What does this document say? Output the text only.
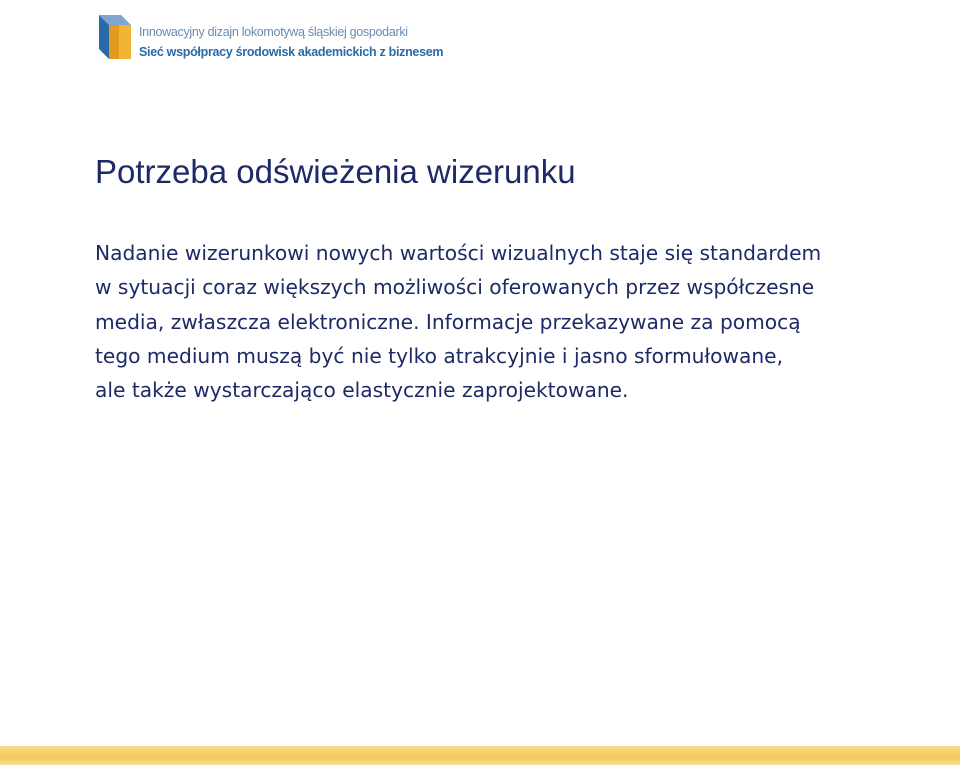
Innowacyjny dizajn lokomotywą śląskiej gospodarki
Sieć współpracy środowisk akademickich z biznesem
Potrzeba odświeżenia wizerunku
Nadanie wizerunkowi nowych wartości wizualnych staje się standardem
w sytuacji coraz większych możliwości oferowanych przez współczesne
media, zwłaszcza elektroniczne. Informacje przekazywane za pomocą
tego medium muszą być nie tylko atrakcyjnie i jasno sformułowane,
ale także wystarczająco elastycznie zaprojektowane.
